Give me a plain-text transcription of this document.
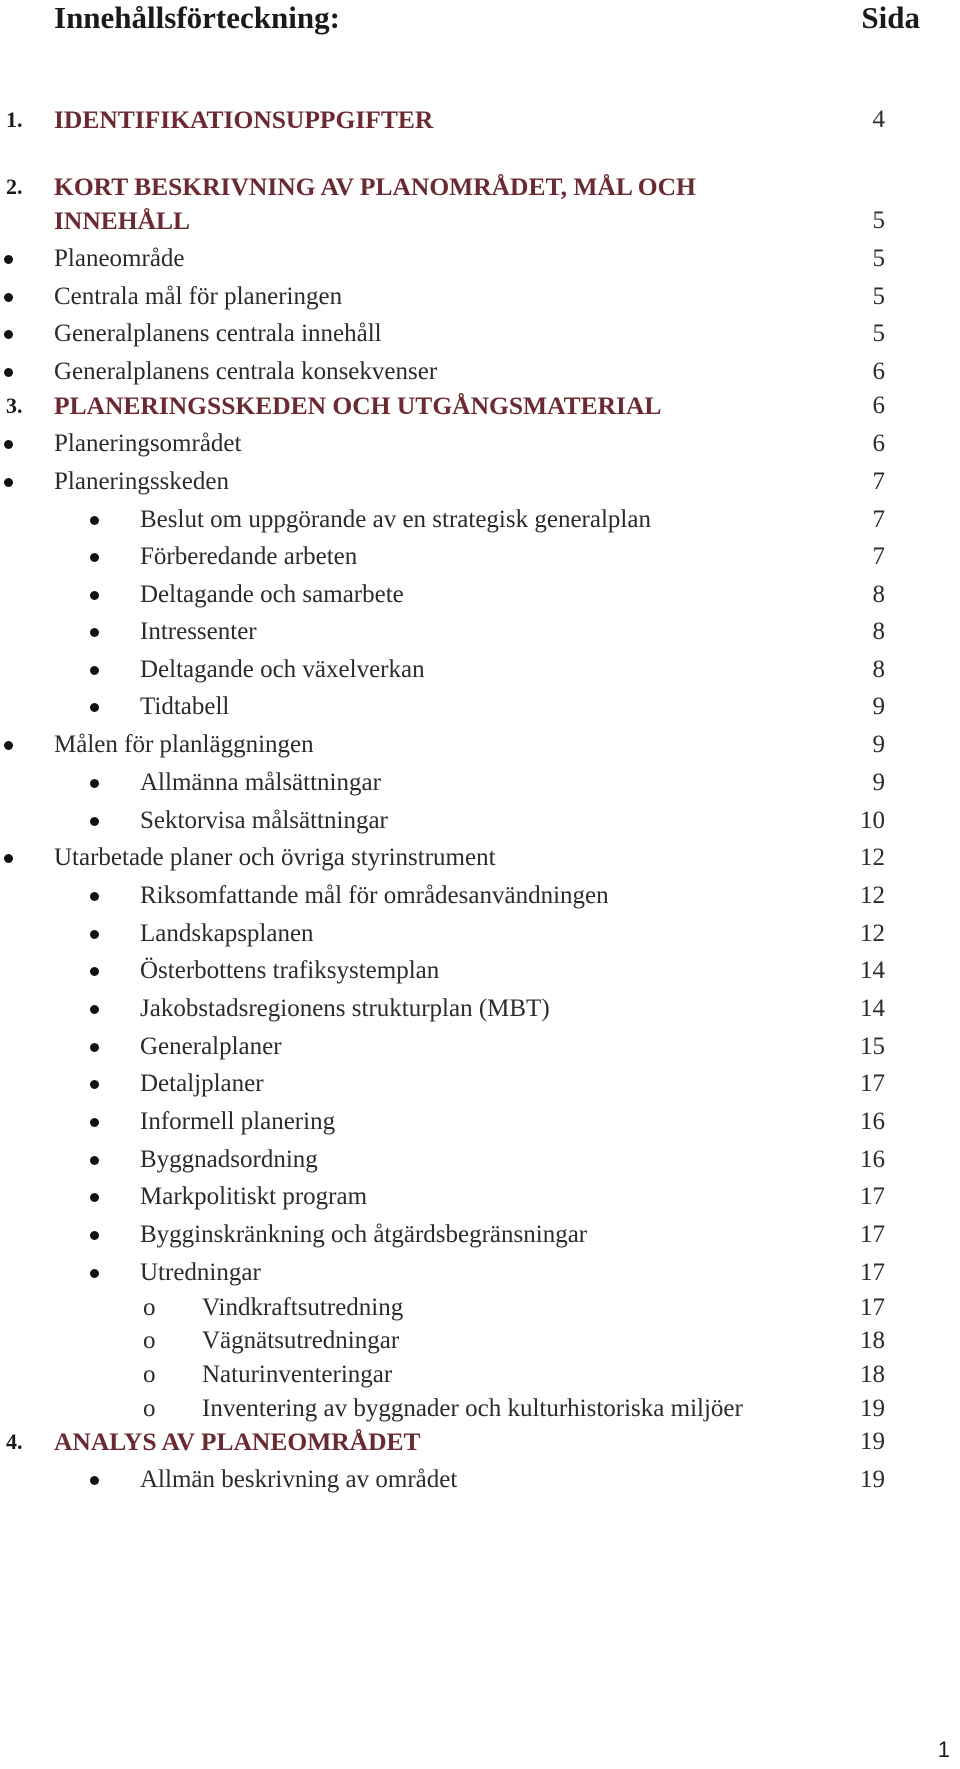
Innehållsförteckning:	Sida
1. IDENTIFIKATIONSUPPGIFTER	4
2. KORT BESKRIVNING AV PLANOMRÅDET, MÅL OCH
INNEHÅLL	5
Planeområde	5
Centrala mål för planeringen	5
Generalplanens centrala innehåll	5
Generalplanens centrala konsekvenser	6
3. PLANERINGSSKEDEN OCH UTGÅNGSMATERIAL	6
Planeringsområdet	6
Planeringsskeden	7
Beslut om uppgörande av en strategisk generalplan	7
Förberedande arbeten	7
Deltagande och samarbete	8
Intressenter	8
Deltagande och växelverkan	8
Tidtabell	9
Målen för planläggningen	9
Allmänna målsättningar	9
Sektorvisa målsättningar	10
Utarbetade planer och övriga styrinstrument	12
Riksomfattande mål för områdesanvändningen	12
Landskapsplanen	12
Österbottens trafiksystemplan	14
Jakobstadsregionens strukturplan (MBT)	14
Generalplaner	15
Detaljplaner	17
Informell planering	16
Byggnadsordning	16
Markpolitiskt program	17
Bygginskränkning och åtgärdsbegränsningar	17
Utredningar	17
o Vindkraftsutredning	17
o Vägnätsutredningar	18
o Naturinventeringar	18
o Inventering av byggnader och kulturhistoriska miljöer	19
4. ANALYS AV PLANEOMRÅDET	19
Allmän beskrivning av området	19
1
